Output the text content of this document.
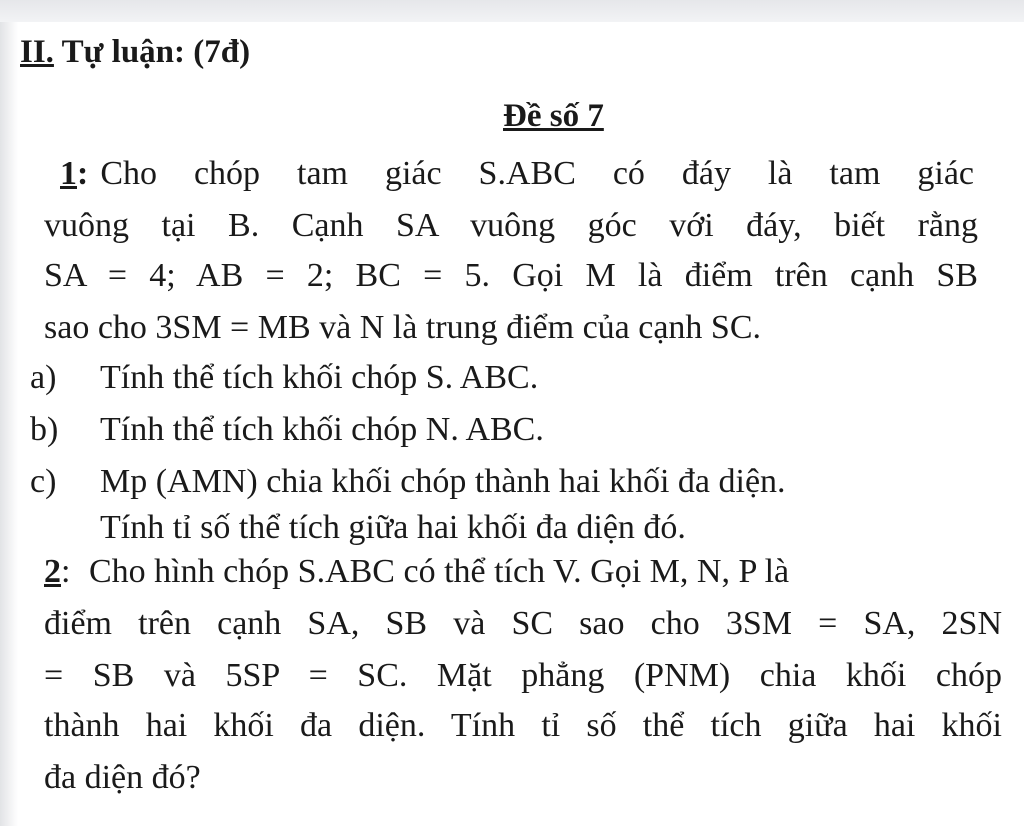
II. Tự luận: (7đ)
Đề số 7
1: Cho chóp tam giác S.ABC có đáy là tam giác
vuông tại B. Cạnh SA vuông góc với đáy, biết rằng
SA = 4; AB = 2; BC = 5. Gọi M là điểm trên cạnh SB
sao cho 3SM = MB và N là trung điểm của cạnh SC.
a) Tính thể tích khối chóp S. ABC.
b) Tính thể tích khối chóp N. ABC.
c) Mp (AMN) chia khối chóp thành hai khối đa diện.
Tính tỉ số thể tích giữa hai khối đa diện đó.
2: Cho hình chóp S.ABC có thể tích V. Gọi M, N, P là
điểm trên cạnh SA, SB và SC sao cho 3SM = SA, 2SN
= SB và 5SP = SC. Mặt phẳng (PNM) chia khối chóp
thành hai khối đa diện. Tính tỉ số thể tích giữa hai khối
đa diện đó?
